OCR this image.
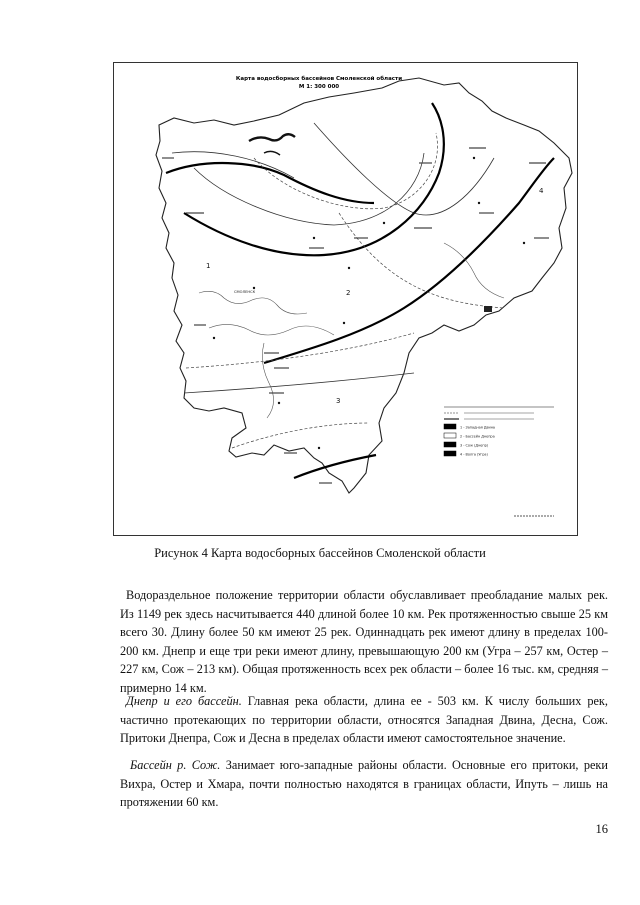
Карта водосборных бассейнов Смоленской области
М 1: 300 000
СМОЛЕНСК
1
2
3
4
1 - Западная Двина
2 - Бассейн Днепра
3 - Сож (Днепр)
4 - Волга (Угра)
Рисунок 4 Карта водосборных бассейнов Смоленской области

Водораздельное положение территории области обуславливает преобладание малых рек. Из 1149 рек здесь насчитывается 440 длиной более 10 км. Рек протяженностью свыше 25 км всего 30. Длину более 50 км имеют 25 рек. Одиннадцать рек имеют длину в пределах 100-200 км. Днепр и еще три реки имеют длину, превышающую 200 км (Угра – 257 км, Остер – 227 км, Сож – 213 км). Общая протяженность всех рек области – более 16 тыс. км, средняя – примерно 14 км.

Днепр и его бассейн. Главная река области, длина ее - 503 км. К числу больших рек, частично протекающих по территории области, относятся Западная Двина, Десна, Сож. Притоки Днепра, Сож и Десна в пределах области имеют самостоятельное значение.

Бассейн р. Сож. Занимает юго-западные районы области. Основные его притоки, реки Вихра, Остер и Хмара, почти полностью находятся в границах области, Ипуть – лишь на протяжении 60 км.

16
